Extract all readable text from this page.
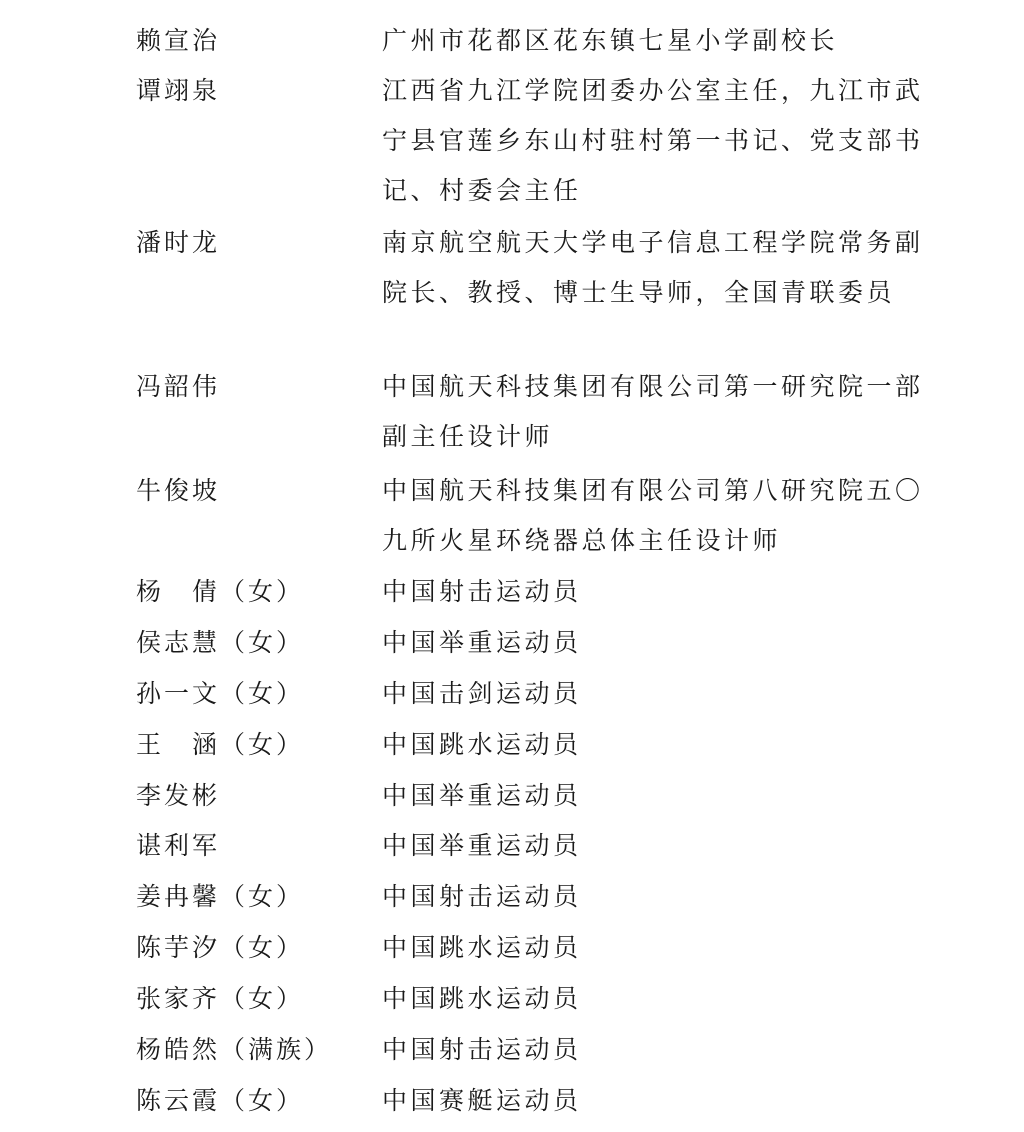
赖宣治	广州市花都区花东镇七星小学副校长
谭翊泉	江西省九江学院团委办公室主任，九江市武
宁县官莲乡东山村驻村第一书记、党支部书
记、村委会主任
潘时龙	南京航空航天大学电子信息工程学院常务副
院长、教授、博士生导师，全国青联委员
冯韶伟	中国航天科技集团有限公司第一研究院一部
副主任设计师
牛俊坡	中国航天科技集团有限公司第八研究院五〇
九所火星环绕器总体主任设计师
杨　倩（女）	中国射击运动员
侯志慧（女）	中国举重运动员
孙一文（女）	中国击剑运动员
王　涵（女）	中国跳水运动员
李发彬	中国举重运动员
谌利军	中国举重运动员
姜冉馨（女）	中国射击运动员
陈芋汐（女）	中国跳水运动员
张家齐（女）	中国跳水运动员
杨皓然（满族） 中国射击运动员
陈云霞（女）	中国赛艇运动员
